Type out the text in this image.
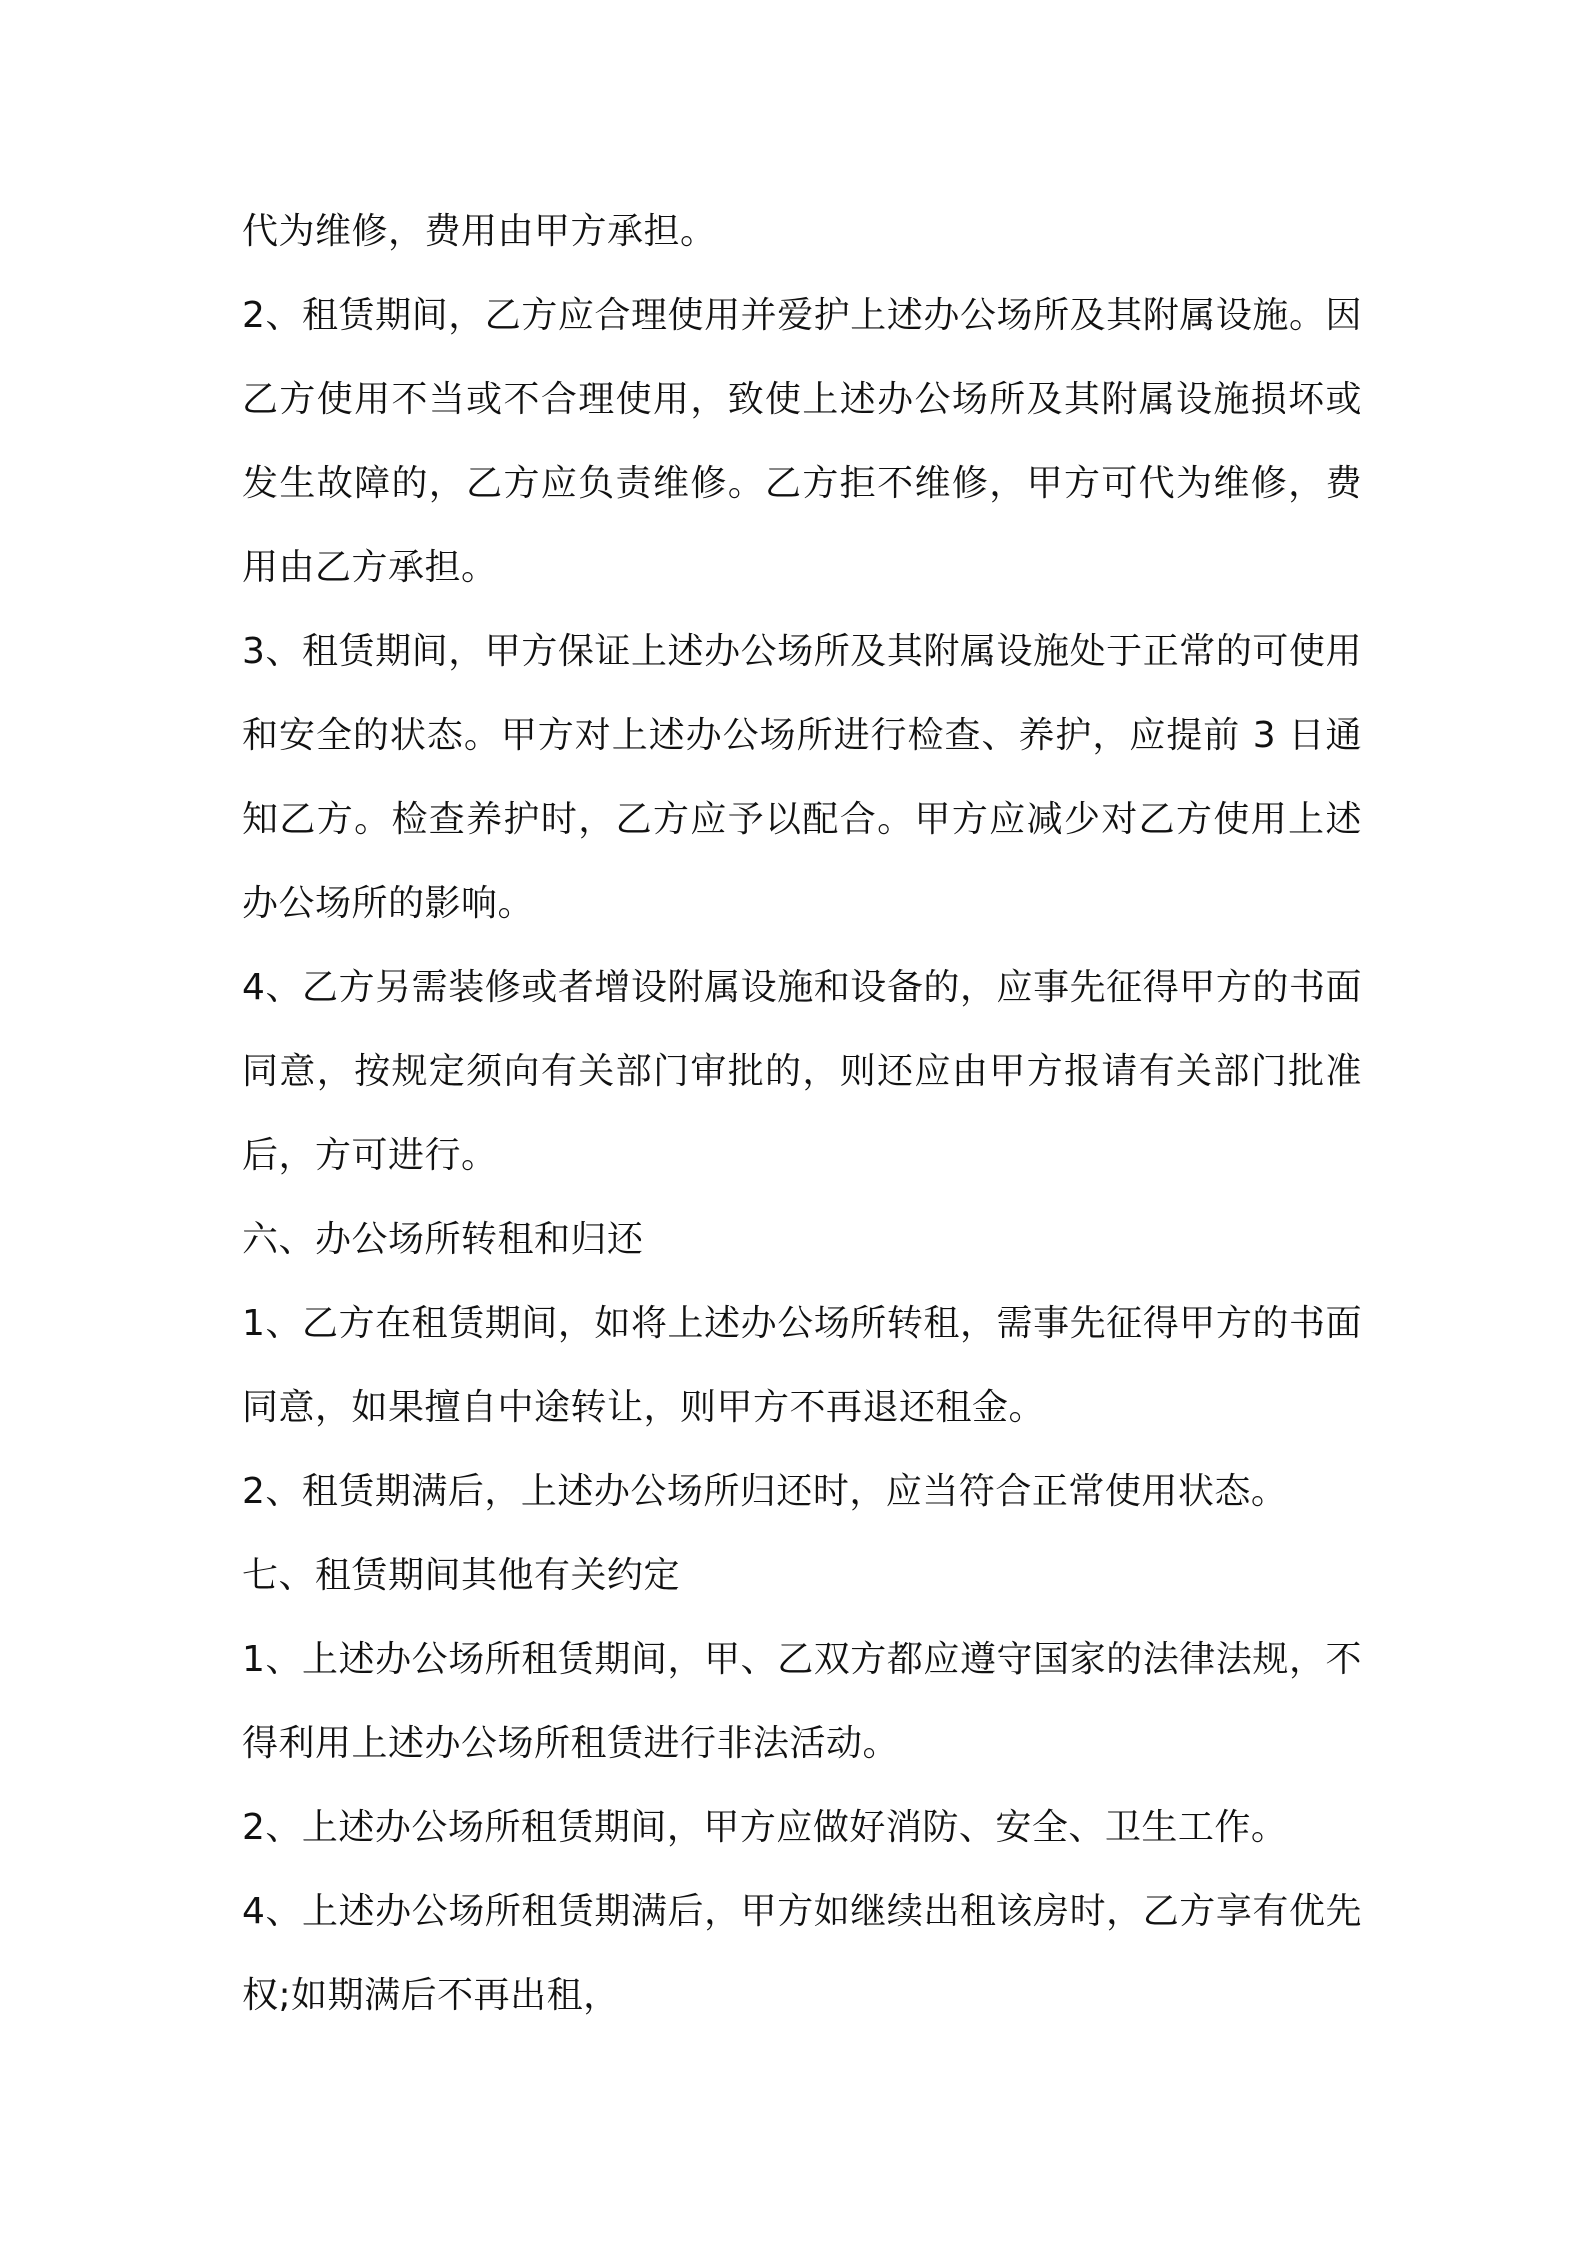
代为维修，费用由甲方承担。

2、租赁期间，乙方应合理使用并爱护上述办公场所及其附属设施。因乙方使用不当或不合理使用，致使上述办公场所及其附属设施损坏或发生故障的，乙方应负责维修。乙方拒不维修，甲方可代为维修，费用由乙方承担。

3、租赁期间，甲方保证上述办公场所及其附属设施处于正常的可使用和安全的状态。甲方对上述办公场所进行检查、养护，应提前 3 日通知乙方。检查养护时，乙方应予以配合。甲方应减少对乙方使用上述办公场所的影响。

4、乙方另需装修或者增设附属设施和设备的，应事先征得甲方的书面同意，按规定须向有关部门审批的，则还应由甲方报请有关部门批准后，方可进行。

六、办公场所转租和归还

1、乙方在租赁期间，如将上述办公场所转租，需事先征得甲方的书面同意，如果擅自中途转让，则甲方不再退还租金。

2、租赁期满后，上述办公场所归还时，应当符合正常使用状态。

七、租赁期间其他有关约定

1、上述办公场所租赁期间，甲、乙双方都应遵守国家的法律法规，不得利用上述办公场所租赁进行非法活动。

2、上述办公场所租赁期间，甲方应做好消防、安全、卫生工作。

4、上述办公场所租赁期满后，甲方如继续出租该房时，乙方享有优先权;如期满后不再出租，
